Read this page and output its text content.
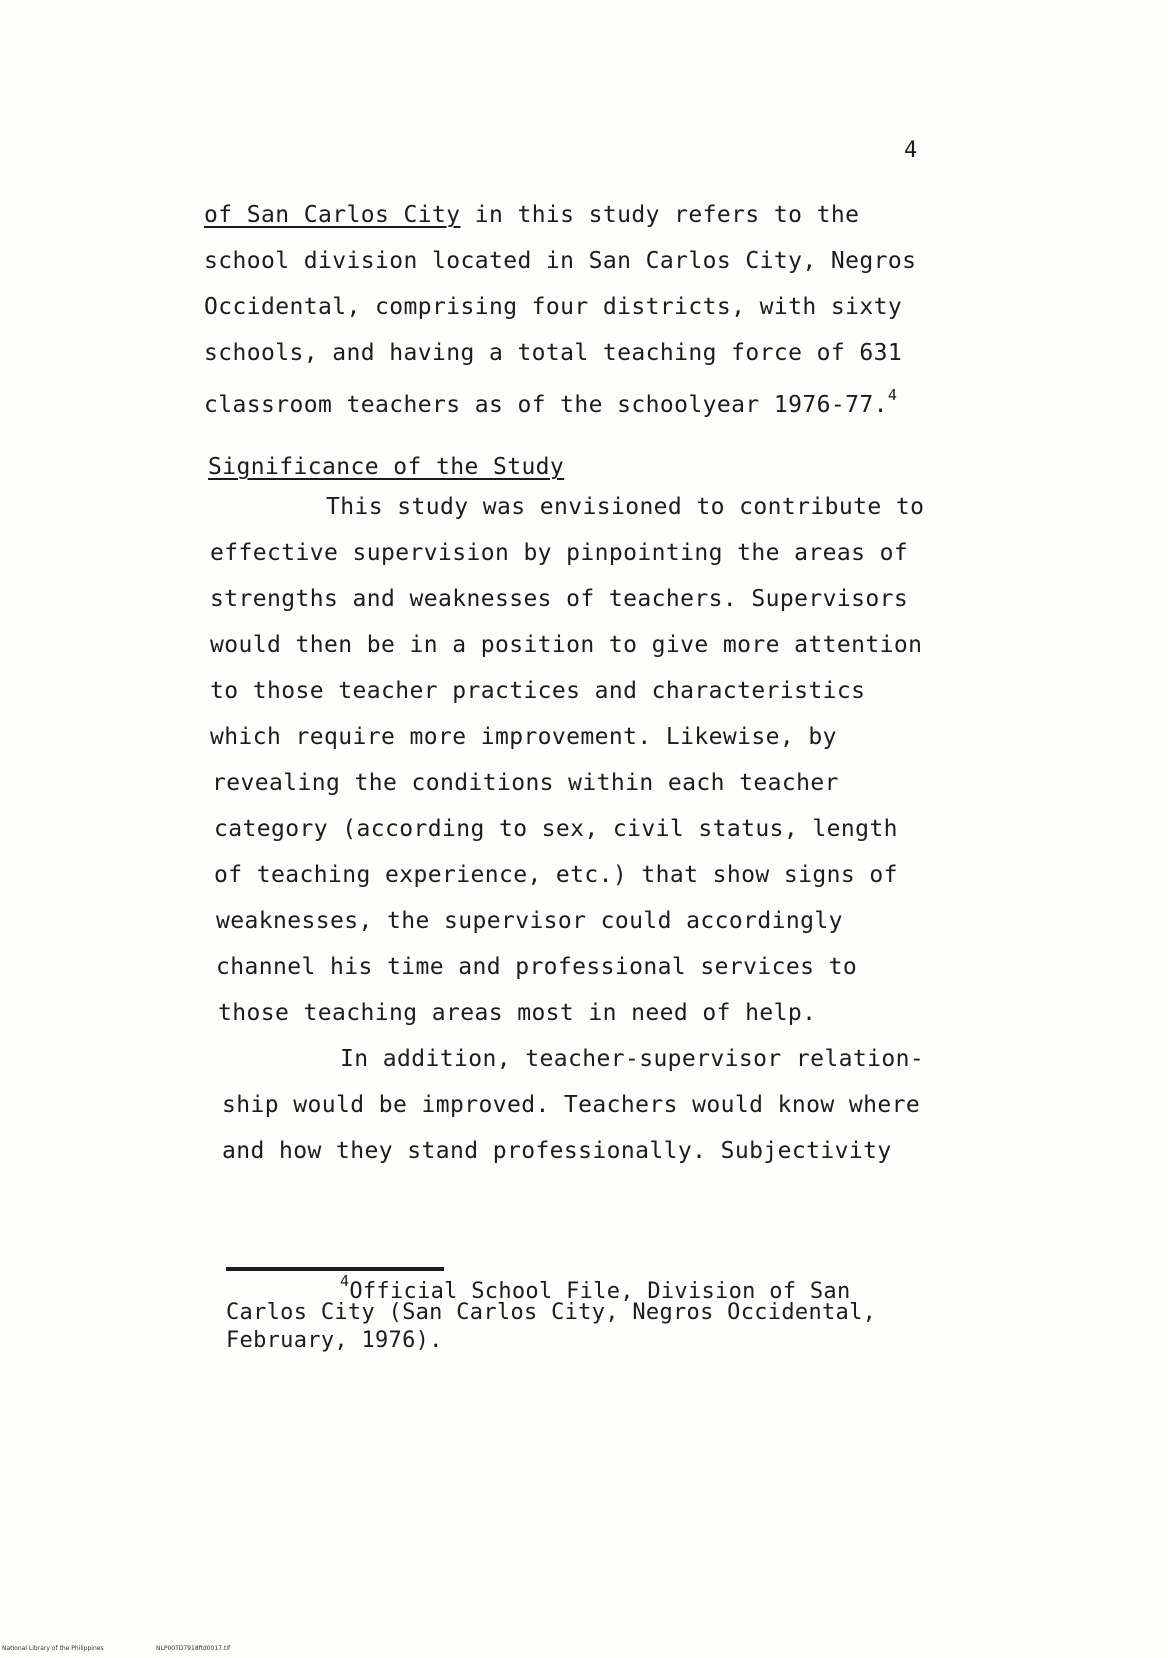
4
of San Carlos City in this study refers to the
school division located in San Carlos City, Negros
Occidental, comprising four districts, with sixty
schools, and having a total teaching force of 631
classroom teachers as of the schoolyear 1976-77.$^4$
Significance of the Study
This study was envisioned to contribute to
effective supervision by pinpointing the areas of
strengths and weaknesses of teachers. Supervisors
would then be in a position to give more attention
to those teacher practices and characteristics
which require more improvement. Likewise, by
revealing the conditions within each teacher
category (according to sex, civil status, length
of teaching experience, etc.) that show signs of
weaknesses, the supervisor could accordingly
channel his time and professional services to
those teaching areas most in need of help.
In addition, teacher-supervisor relation-
ship would be improved. Teachers would know where
and how they stand professionally. Subjectivity
$^4$Official School File, Division of San
Carlos City (San Carlos City, Negros Occidental,
February, 1976).
National Library of the Philippines	NLP00TD7918ftd0017.tif
